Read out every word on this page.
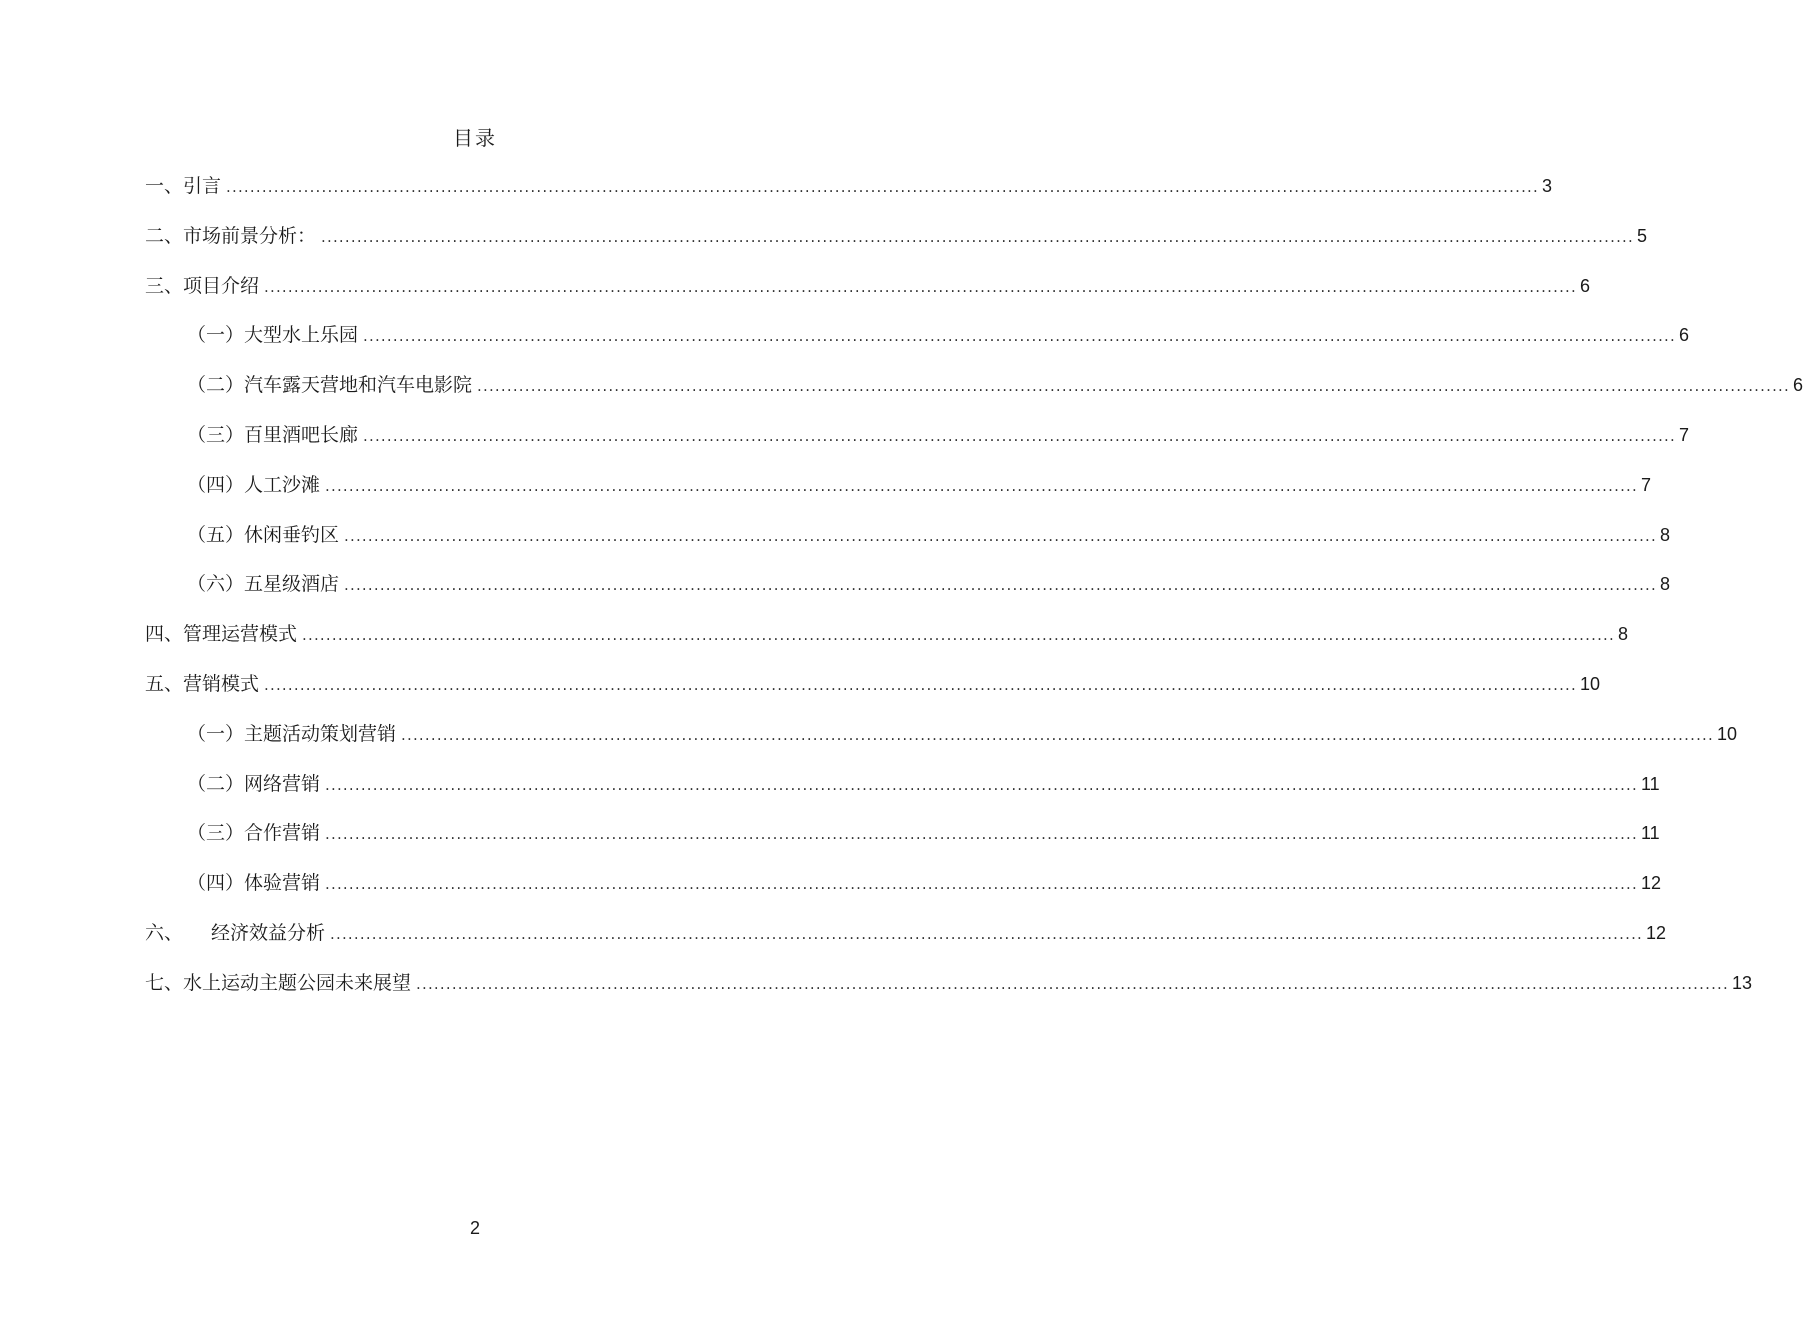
目录
一、引言 ............................................................................................................................................................................................................................ 3
二、市场前景分析： ............................................................................................................................................................................................................................ 5
三、项目介绍 ............................................................................................................................................................................................................................ 6
（一）大型水上乐园 ............................................................................................................................................................................................................................ 6
（二）汽车露天营地和汽车电影院 ............................................................................................................................................................................................................................ 6
（三）百里酒吧长廊 ............................................................................................................................................................................................................................ 7
（四）人工沙滩 ............................................................................................................................................................................................................................ 7
（五）休闲垂钓区 ............................................................................................................................................................................................................................ 8
（六）五星级酒店 ............................................................................................................................................................................................................................ 8
四、管理运营模式 ............................................................................................................................................................................................................................ 8
五、营销模式 ............................................................................................................................................................................................................................ 10
（一）主题活动策划营销 ............................................................................................................................................................................................................................ 10
（二）网络营销 ............................................................................................................................................................................................................................ 11
（三）合作营销 ............................................................................................................................................................................................................................ 11
（四）体验营销 ............................................................................................................................................................................................................................ 12
六、 经济效益分析 ............................................................................................................................................................................................................................ 12
七、水上运动主题公园未来展望 ............................................................................................................................................................................................................................ 13
2
